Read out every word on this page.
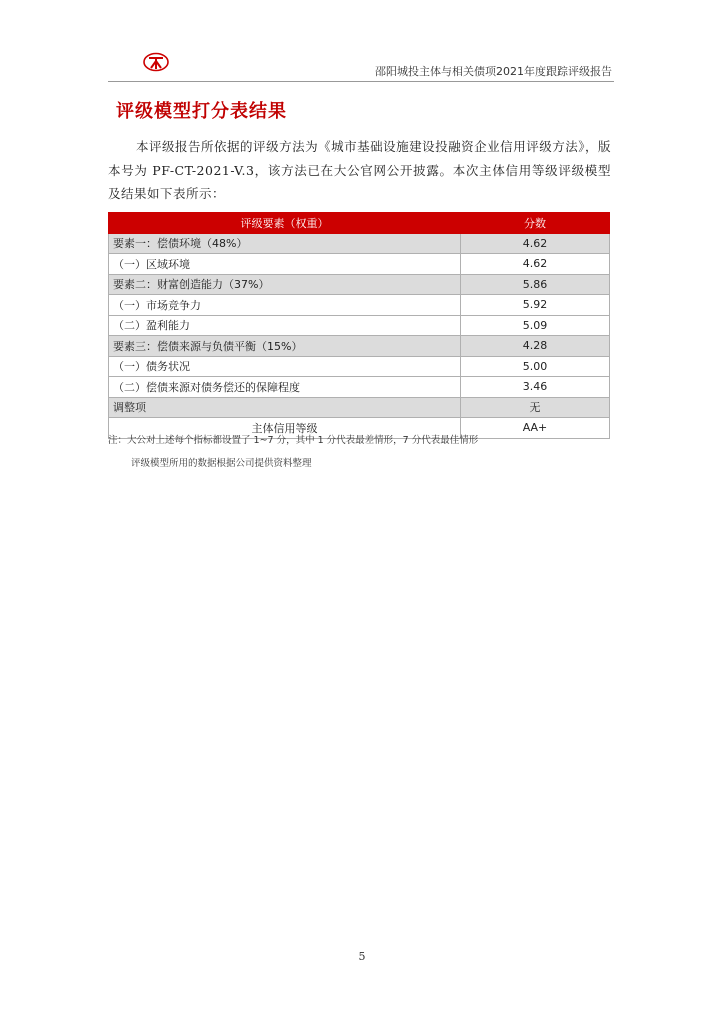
邵阳城投主体与相关债项2021年度跟踪评级报告
评级模型打分表结果
本评级报告所依据的评级方法为《城市基础设施建设投融资企业信用评级方法》，版本号为 PF-CT-2021-V.3，该方法已在大公官网公开披露。本次主体信用等级评级模型及结果如下表所示：
评级要素（权重）	分数
要素一：偿债环境（48%）	4.62
（一）区域环境	4.62
要素二：财富创造能力（37%）	5.86
（一）市场竞争力	5.92
（二）盈利能力	5.09
要素三：偿债来源与负债平衡（15%）	4.28
（一）债务状况	5.00
（二）偿债来源对债务偿还的保障程度	3.46
调整项	无
主体信用等级	AA+
注：大公对上述每个指标都设置了 1~7 分，其中 1 分代表最差情形，7 分代表最佳情形
评级模型所用的数据根据公司提供资料整理
5
